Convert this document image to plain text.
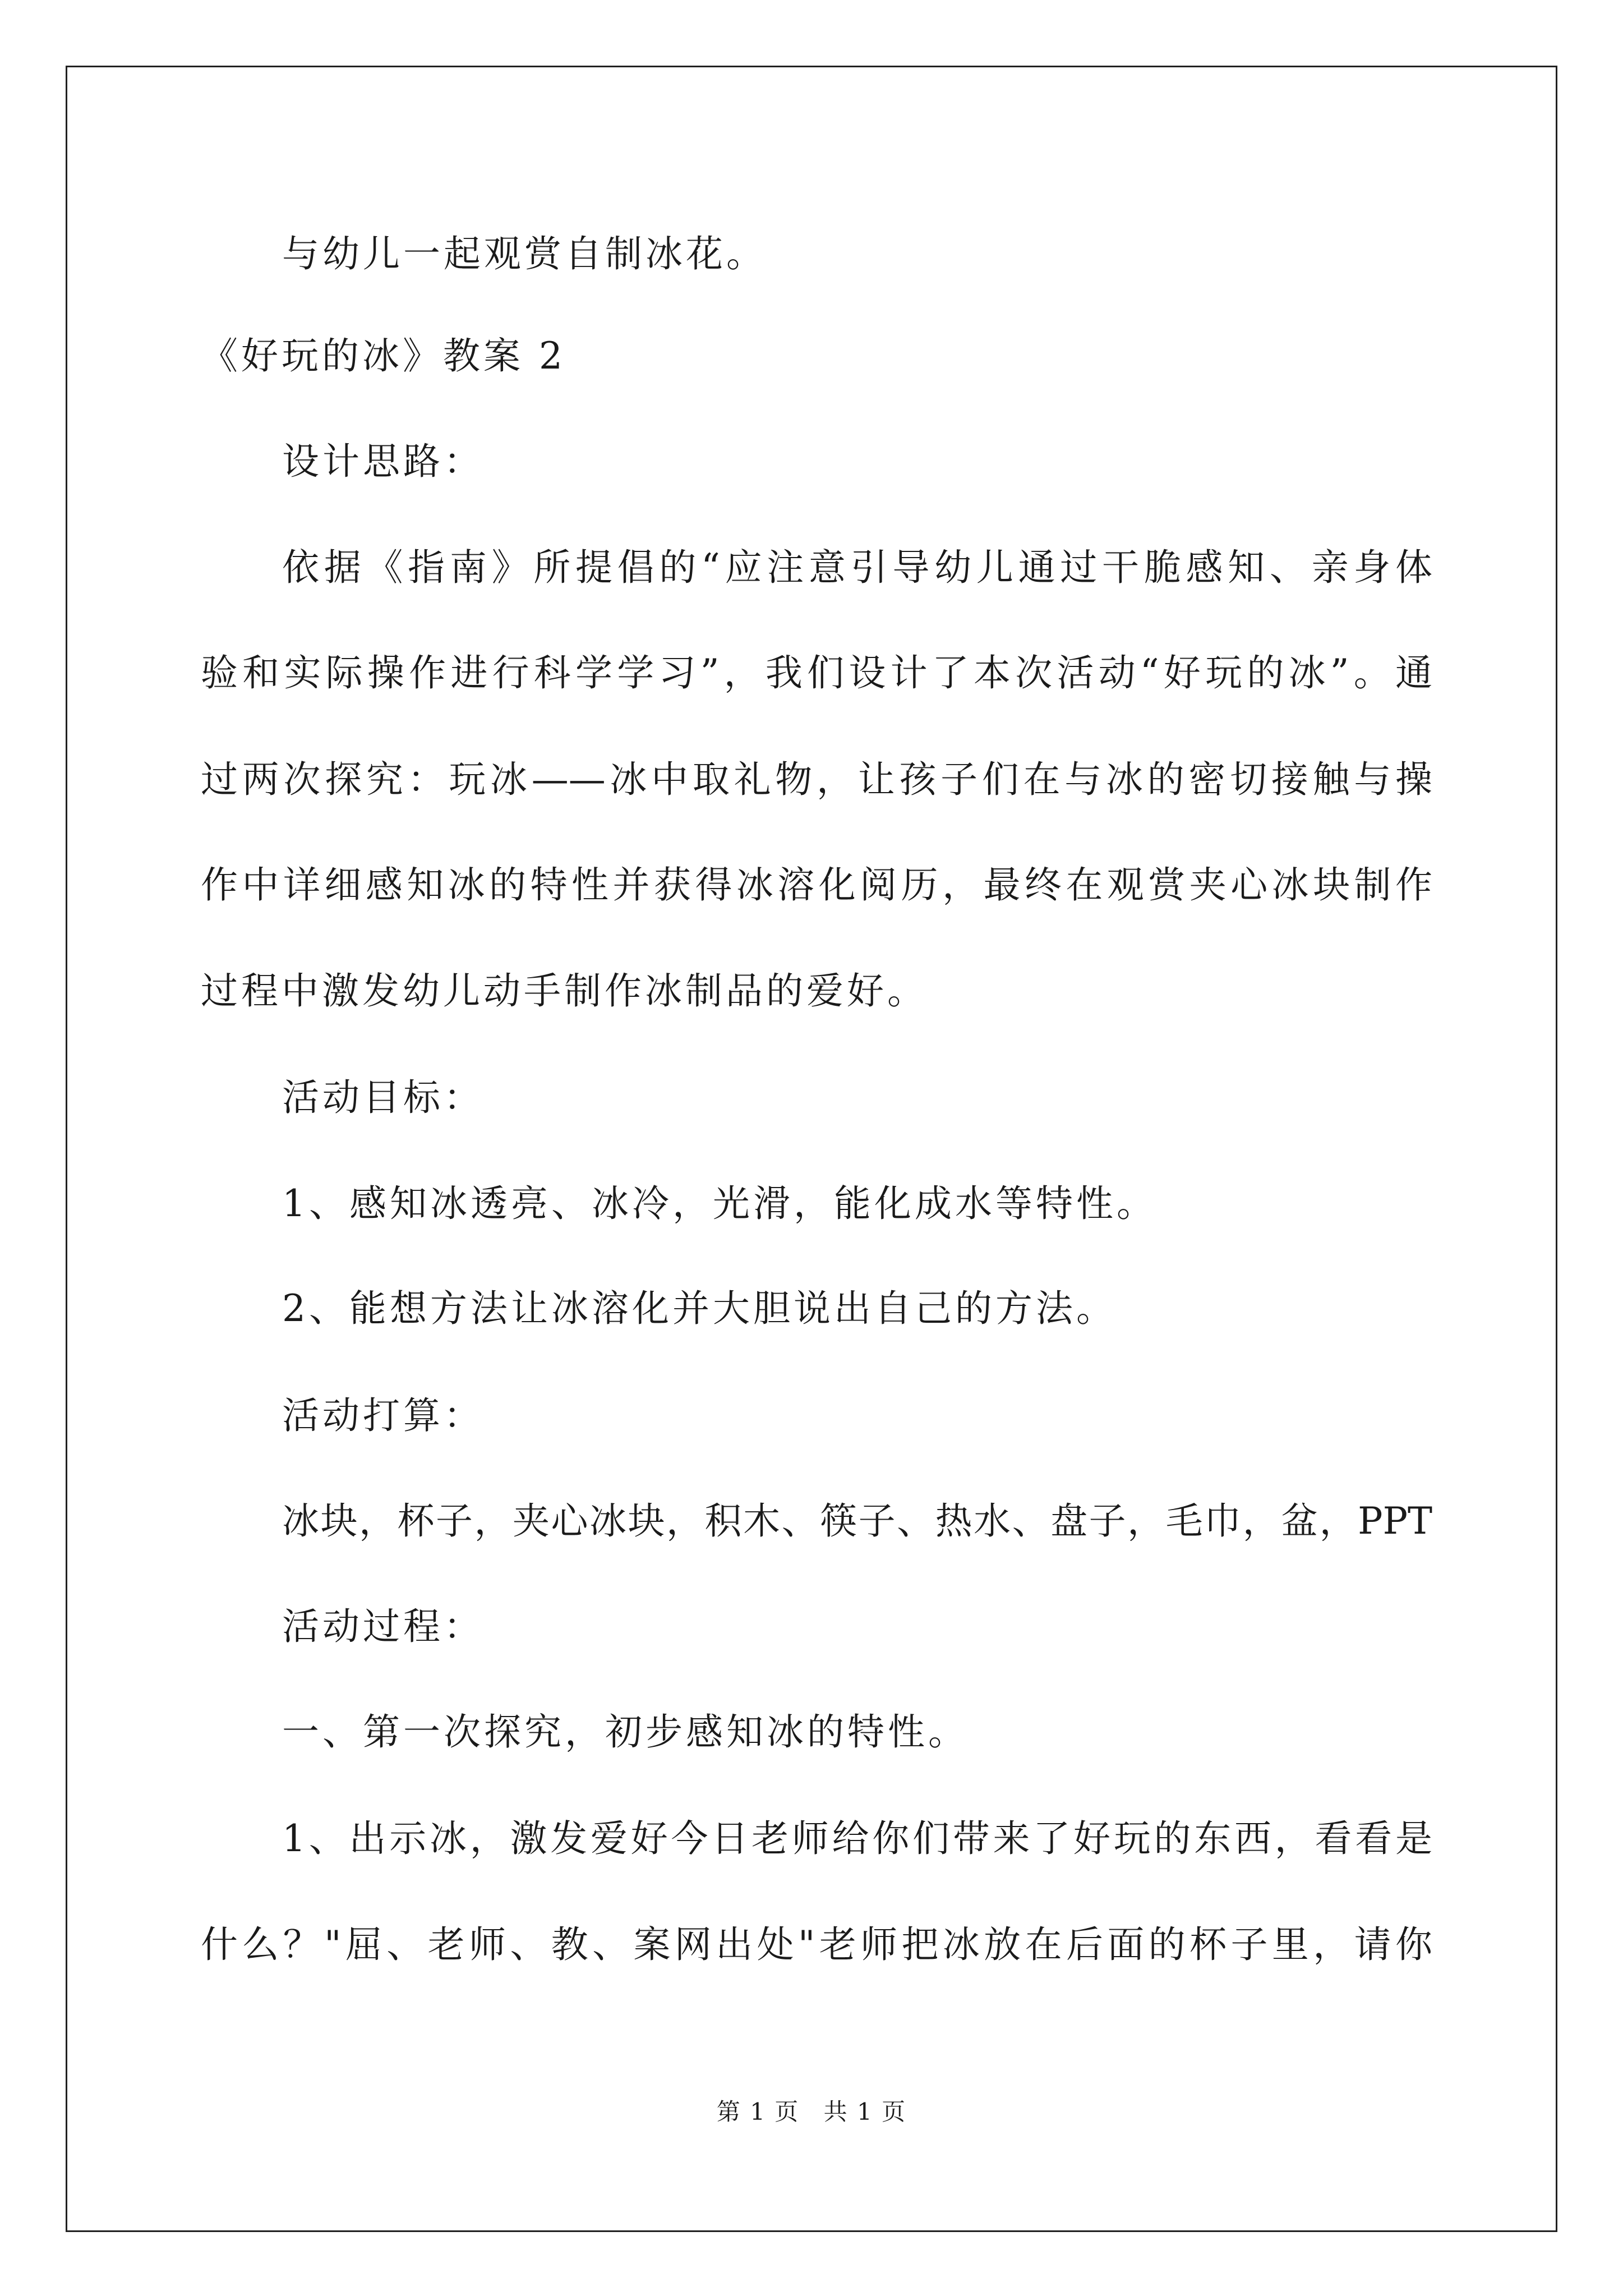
与幼儿一起观赏自制冰花。
《好玩的冰》教案 2
设计思路：
依据《指南》所提倡的“应注意引导幼儿通过干脆感知、亲身体
验和实际操作进行科学学习”，我们设计了本次活动“好玩的冰”。通
过两次探究：玩冰——冰中取礼物，让孩子们在与冰的密切接触与操
作中详细感知冰的特性并获得冰溶化阅历，最终在观赏夹心冰块制作
过程中激发幼儿动手制作冰制品的爱好。
活动目标：
1、感知冰透亮、冰冷，光滑，能化成水等特性。
2、能想方法让冰溶化并大胆说出自己的方法。
活动打算：
冰块，杯子，夹心冰块，积木、筷子、热水、盘子，毛巾，盆，PPT
活动过程：
一、第一次探究，初步感知冰的特性。
1、出示冰，激发爱好今日老师给你们带来了好玩的东西，看看是
什么？"屈、老师、教、案网出处"老师把冰放在后面的杯子里，请你
第 1 页 共 1 页
